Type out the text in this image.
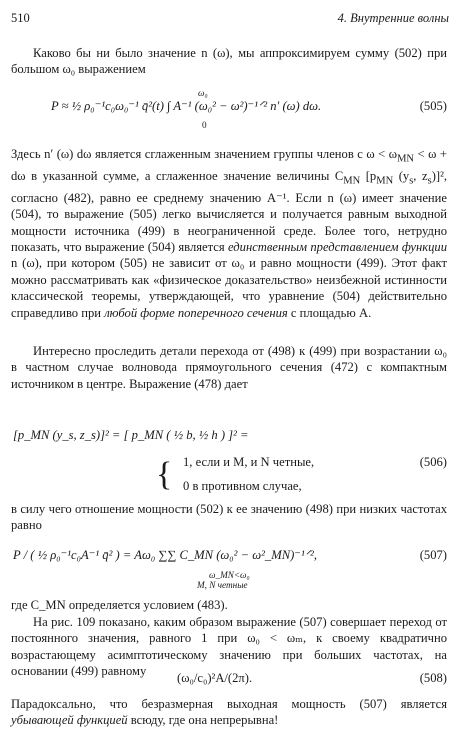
510	4. Внутренние волны
Каково бы ни было значение n (ω), мы аппроксимируем сумму (502) при большом ω₀ выражением
P ≈ ½ ρ₀⁻¹c₀ω₀⁻¹ q̄²(t) ∫ A⁻¹ (ω₀² − ω²)⁻¹ᐟ² n′ (ω) dω.
ω₀
0
(505)
Здесь n′ (ω) dω является сглаженным значением группы членов с $\omega < \omega_{MN} < \omega + d\omega$ в указанной сумме, а сглаженное значение величины $C_{MN}$ [$p_{MN}$ ($y_s$, $z_s)]^2$, согласно (482), равно ее среднему значению A⁻¹. Если n (ω) имеет значение (504), то выражение (505) легко вычисляется и получается равным выходной мощности источника (499) в неограниченной среде. Более того, нетрудно показать, что выражение (504) является единственным представлением функции n (ω), при котором (505) не зависит от ω₀ и равно мощности (499). Этот факт можно рассматривать как «физическое доказательство» неизбежной истинности классической теоремы, утверждающей, что уравнение (504) действительно справедливо при любой форме поперечного сечения с площадью A.
Интересно проследить детали перехода от (498) к (499) при возрастании ω₀ в частном случае волновода прямоугольного сечения (472) с компактным источником в центре. Выражение (478) дает
[p_MN (y_s, z_s)]² = [ p_MN ( ½ b, ½ h ) ]² =
{ 1, если и M, и N четные,
0 в противном случае,
(506)
в силу чего отношение мощности (502) к ее значению (498) при низких частотах равно
P / ( ½ ρ₀⁻¹c₀A⁻¹ q̄² ) = Aω₀ ∑∑ C_MN (ω₀² − ω²_MN)⁻¹ᐟ²,
ω_MN<ω₀
M, N четные
(507)
где C_MN определяется условием (483).
На рис. 109 показано, каким образом выражение (507) совершает переход от постоянного значения, равного 1 при ω₀ < ωₘ, к своему квадратично возрастающему асимптотическому значению при больших частотах, на основании (499) равному	(ω₀/c₀)²A/(2π).	(508)
Парадоксально, что безразмерная выходная мощность (507) является убывающей функцией всюду, где она непрерывна!
